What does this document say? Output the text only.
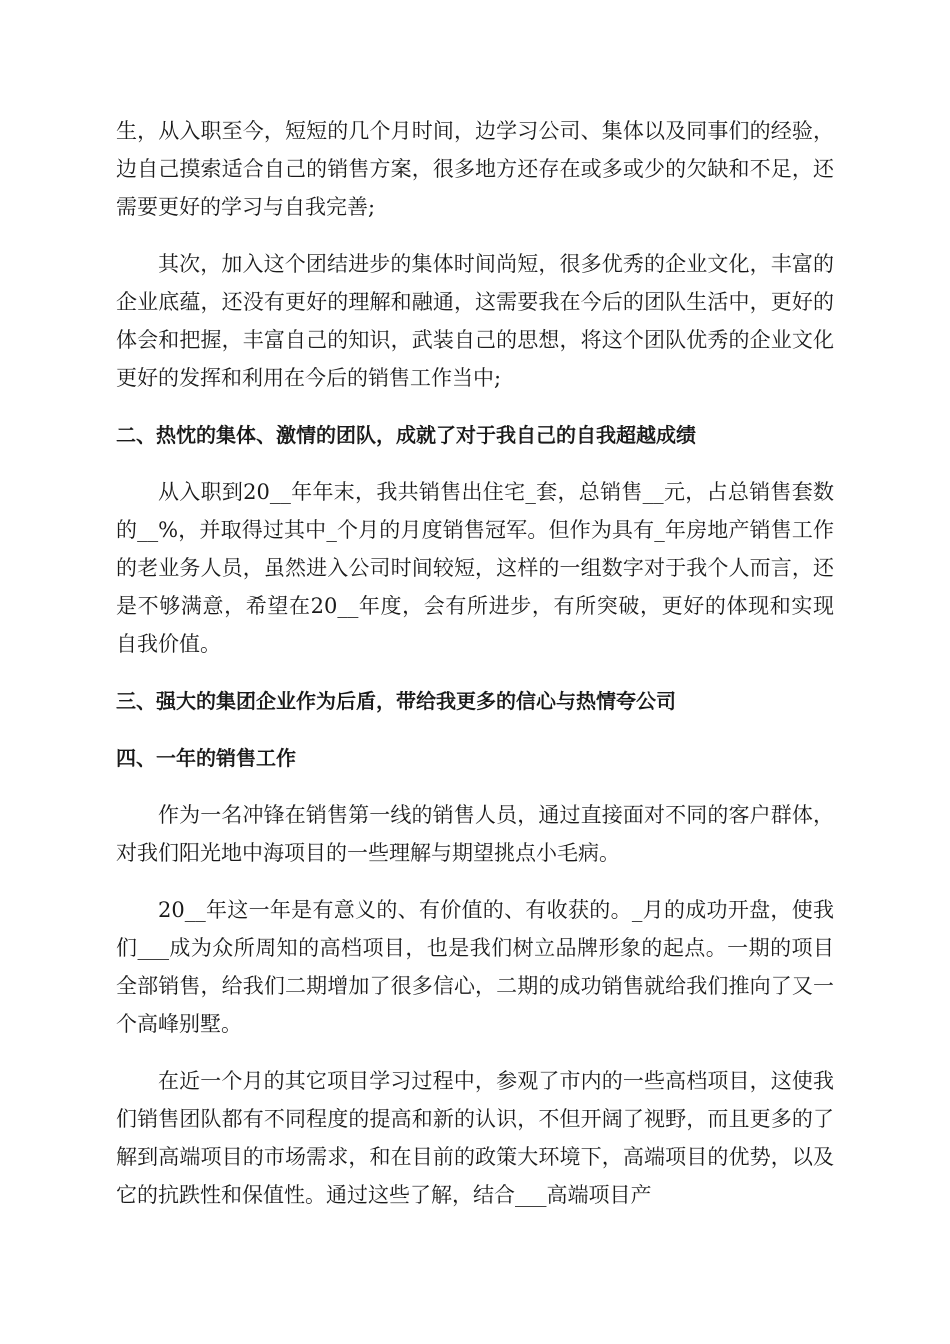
生，从入职至今，短短的几个月时间，边学习公司、集体以及同事们的经验，边自己摸索适合自己的销售方案，很多地方还存在或多或少的欠缺和不足，还需要更好的学习与自我完善;

其次，加入这个团结进步的集体时间尚短，很多优秀的企业文化，丰富的企业底蕴，还没有更好的理解和融通，这需要我在今后的团队生活中，更好的体会和把握，丰富自己的知识，武装自己的思想，将这个团队优秀的企业文化更好的发挥和利用在今后的销售工作当中;

二、热忱的集体、激情的团队，成就了对于我自己的自我超越成绩

从入职到20__年年末，我共销售出住宅_套，总销售__元，占总销售套数的__%，并取得过其中_个月的月度销售冠军。但作为具有_年房地产销售工作的老业务人员，虽然进入公司时间较短，这样的一组数字对于我个人而言，还是不够满意，希望在20__年度，会有所进步，有所突破，更好的体现和实现自我价值。

三、强大的集团企业作为后盾，带给我更多的信心与热情夸公司

四、一年的销售工作

作为一名冲锋在销售第一线的销售人员，通过直接面对不同的客户群体，对我们阳光地中海项目的一些理解与期望挑点小毛病。

20__年这一年是有意义的、有价值的、有收获的。_月的成功开盘，使我们___成为众所周知的高档项目，也是我们树立品牌形象的起点。一期的项目全部销售，给我们二期增加了很多信心，二期的成功销售就给我们推向了又一个高峰别墅。

在近一个月的其它项目学习过程中，参观了市内的一些高档项目，这使我们销售团队都有不同程度的提高和新的认识，不但开阔了视野，而且更多的了解到高端项目的市场需求，和在目前的政策大环境下，高端项目的优势，以及它的抗跌性和保值性。通过这些了解，结合___高端项目产
